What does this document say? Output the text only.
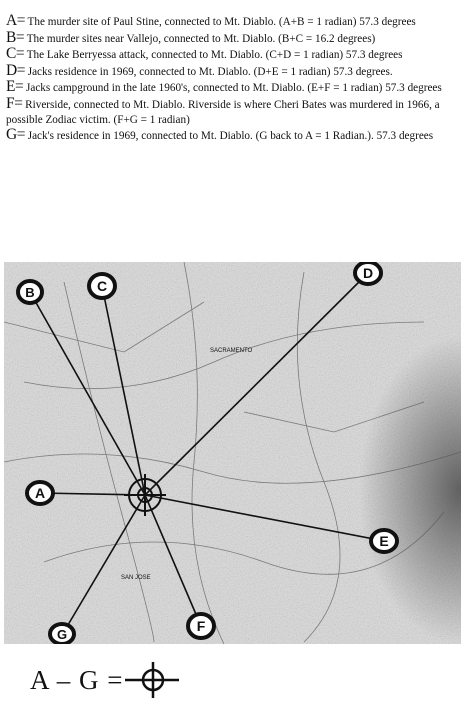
A= The murder site of Paul Stine, connected to Mt. Diablo. (A+B = 1 radian) 57.3 degrees
B= The murder sites near Vallejo, connected to Mt. Diablo. (B+C = 16.2 degrees)
C= The Lake Berryessa attack, connected to Mt. Diablo. (C+D = 1 radian) 57.3 degrees
D= Jacks residence in 1969, connected to Mt. Diablo. (D+E = 1 radian) 57.3 degrees.
E= Jacks campground in the late 1960's, connected to Mt. Diablo. (E+F = 1 radian) 57.3 degrees
F= Riverside, connected to Mt. Diablo. Riverside is where Cheri Bates was murdered in 1966, a possible Zodiac victim. (F+G = 1 radian)
G= Jack's residence in 1969, connected to Mt. Diablo. (G back to A = 1 Radian.). 57.3 degrees
SACRAMENTO
SAN JOSE
A
B	C
D
E
F
G
A – G =
